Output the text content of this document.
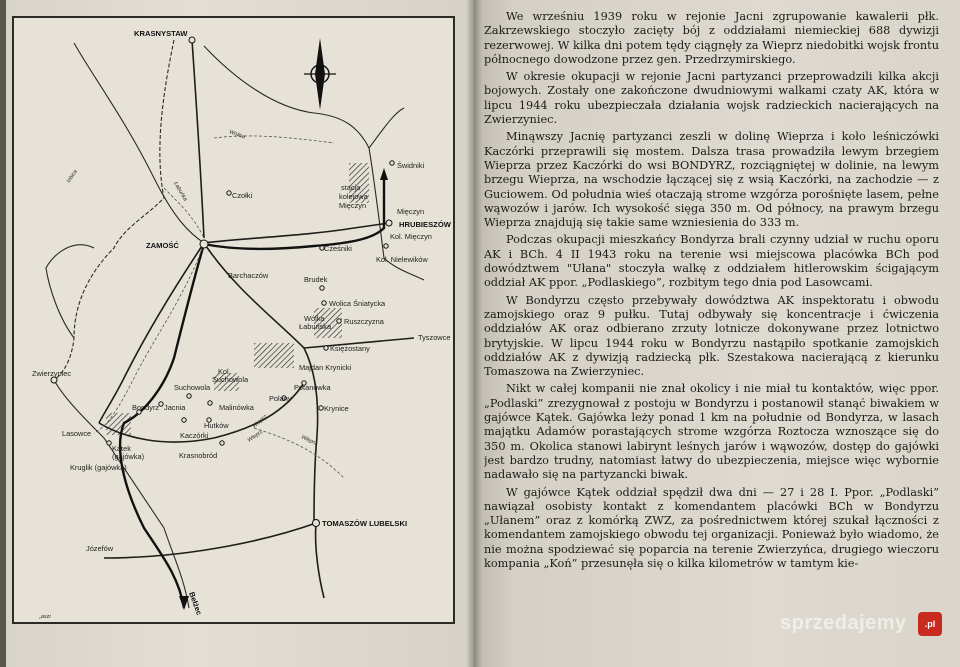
KRASNYSTAW
ZAMOŚĆ
HRUBIESZÓW
TOMASZÓW LUBELSKI
Zwierzyniec
Izbica
Czołki
Świdniki
stacja
kolejowa
Mięczyn
Mięczyn
Kol. Mięczyn
Kol. Nielewików
Cześniki
Barchaczów	Brudek
Wolica Śniatycka
Wólka
Łabuńska
Ruszczyzna
Tyszowce
Księżostany
Majdan Krynicki
Potanówka
Polany
Krynice
Suchowola
Kol.
Suchowola
Bondyrz Jacnia	Malinówka
Hutków
Kaczórki
Lasowce
Kątek
(gajówka)
Kruglik (gajówka)
Krasnobród
Józefów
Bełżec
Wolica
Łabuńka
Wieprz
Wieprz
Wieprz
„aszi

We wrześniu 1939 roku w rejonie Jacni zgrupowanie kawalerii płk. Zakrzewskiego stoczyło zacięty bój z oddziałami niemieckiej 688 dywizji rezerwowej. W kilka dni potem tędy ciągnęły za Wieprz niedobitki wojsk frontu północnego dowodzone przez gen. Przedrzymirskiego.

W okresie okupacji w rejonie Jacni partyzanci przeprowadzili kilka akcji bojowych. Zostały one zakończone dwudniowymi walkami czaty AK, która w lipcu 1944 roku ubezpieczała działania wojsk radzieckich nacierających na Zwierzyniec.

Minąwszy Jacnię partyzanci zeszli w dolinę Wieprza i koło leśniczówki Kaczórki przeprawili się mostem. Dalsza trasa prowadziła lewym brzegiem Wieprza przez Kaczórki do wsi BONDYRZ, rozciągniętej w dolinie, na lewym brzegu Wieprza, na wschodzie łączącej się z wsią Kaczórki, na zachodzie — z Guciowem. Od południa wieś otaczają strome wzgórza porośnięte lasem, pełne wąwozów i jarów. Ich wysokość sięga 350 m. Od północy, na prawym brzegu Wieprza znajdują się takie same wzniesienia do 333 m.

Podczas okupacji mieszkańcy Bondyrza brali czynny udział w ruchu oporu AK i BCh. 4 II 1943 roku na terenie wsi miejscowa placówka BCh pod dowództwem "Ułana" stoczyła walkę z oddziałem hitlerowskim ścigającym oddział AK ppor. „Podlaskiego”, rozbitym tego dnia pod Lasowcami.

W Bondyrzu często przebywały dowództwa AK inspektoratu i obwodu zamojskiego oraz 9 pułku. Tutaj odbywały się koncentracje i ćwiczenia oddziałów AK oraz odbierano zrzuty lotnicze dokonywane przez lotnictwo brytyjskie. W lipcu 1944 roku w Bondyrzu nastąpiło spotkanie zamojskich oddziałów AK z dywizją radziecką płk. Szestakowa nacierającą z kierunku Tomaszowa na Zwierzyniec.

Nikt w całej kompanii nie znał okolicy i nie miał tu kontaktów, więc ppor. „Podlaski” zrezygnował z postoju w Bondyrzu i postanowił stanąć biwakiem w gajówce Kątek. Gajówka leży ponad 1 km na południe od Bondyrza, w lasach majątku Adamów porastających strome wzgórza Roztocza wznoszące się do 350 m. Okolica stanowi labirynt leśnych jarów i wąwozów, dostęp do gajówki jest bardzo trudny, natomiast łatwy do ubezpieczenia, miejsce więc wybornie nadawało się na partyzancki biwak.

W gajówce Kątek oddział spędził dwa dni — 27 i 28 I. Ppor. „Podlaski” nawiązał osobisty kontakt z komendantem placówki BCh w Bondyrzu „Ułanem” oraz z komórką ZWZ, za pośrednictwem której szukał łączności z komendantem zamojskiego obwodu tej organizacji. Ponieważ było wiadomo, że nie można spodziewać się poparcia na terenie Zwierzyńca, drugiego wieczoru kompania „Koń” przesunęła się o kilka kilometrów w tamtym kie-

sprzedajemy	.pl
